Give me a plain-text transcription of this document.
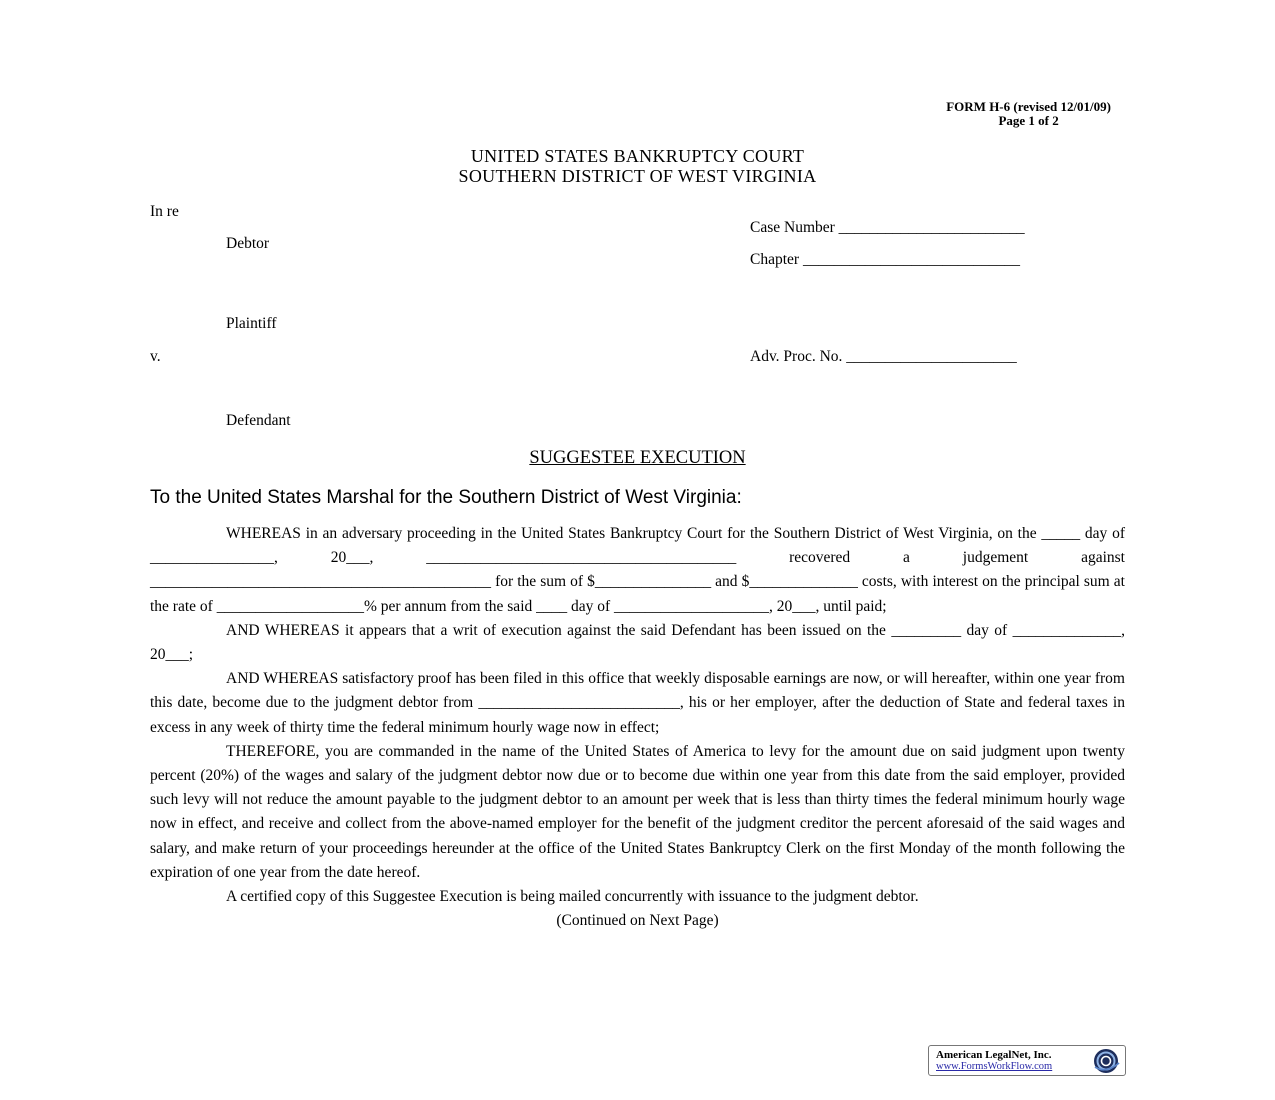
FORM H-6 (revised 12/01/09)
Page 1 of 2
UNITED STATES BANKRUPTCY COURT
SOUTHERN DISTRICT OF WEST VIRGINIA
In re
Debtor
Case Number ________________________
Chapter ____________________________
Plaintiff
v.	Adv. Proc. No. ______________________
Defendant
SUGGESTEE EXECUTION
To the United States Marshal for the Southern District of West Virginia:

WHEREAS in an adversary proceeding in the United States Bankruptcy Court for the Southern District of West Virginia, on the _____ day of ________________, 20___, ________________________________________ recovered a judgement against ____________________________________________ for the sum of $_______________ and $______________ costs, with interest on the principal sum at the rate of ___________________% per annum from the said ____ day of ____________________, 20___, until paid;

AND WHEREAS it appears that a writ of execution against the said Defendant has been issued on the _________ day of ______________, 20___;

AND WHEREAS satisfactory proof has been filed in this office that weekly disposable earnings are now, or will hereafter, within one year from this date, become due to the judgment debtor from __________________________, his or her employer, after the deduction of State and federal taxes in excess in any week of thirty time the federal minimum hourly wage now in effect;

THEREFORE, you are commanded in the name of the United States of America to levy for the amount due on said judgment upon twenty percent (20%) of the wages and salary of the judgment debtor now due or to become due within one year from this date from the said employer, provided such levy will not reduce the amount payable to the judgment debtor to an amount per week that is less than thirty times the federal minimum hourly wage now in effect, and receive and collect from the above-named employer for the benefit of the judgment creditor the percent aforesaid of the said wages and salary, and make return of your proceedings hereunder at the office of the United States Bankruptcy Clerk on the first Monday of the month following the expiration of one year from the date hereof.

A certified copy of this Suggestee Execution is being mailed concurrently with issuance to the judgment debtor.

(Continued on Next Page)

American LegalNet, Inc.
www.FormsWorkFlow.com
